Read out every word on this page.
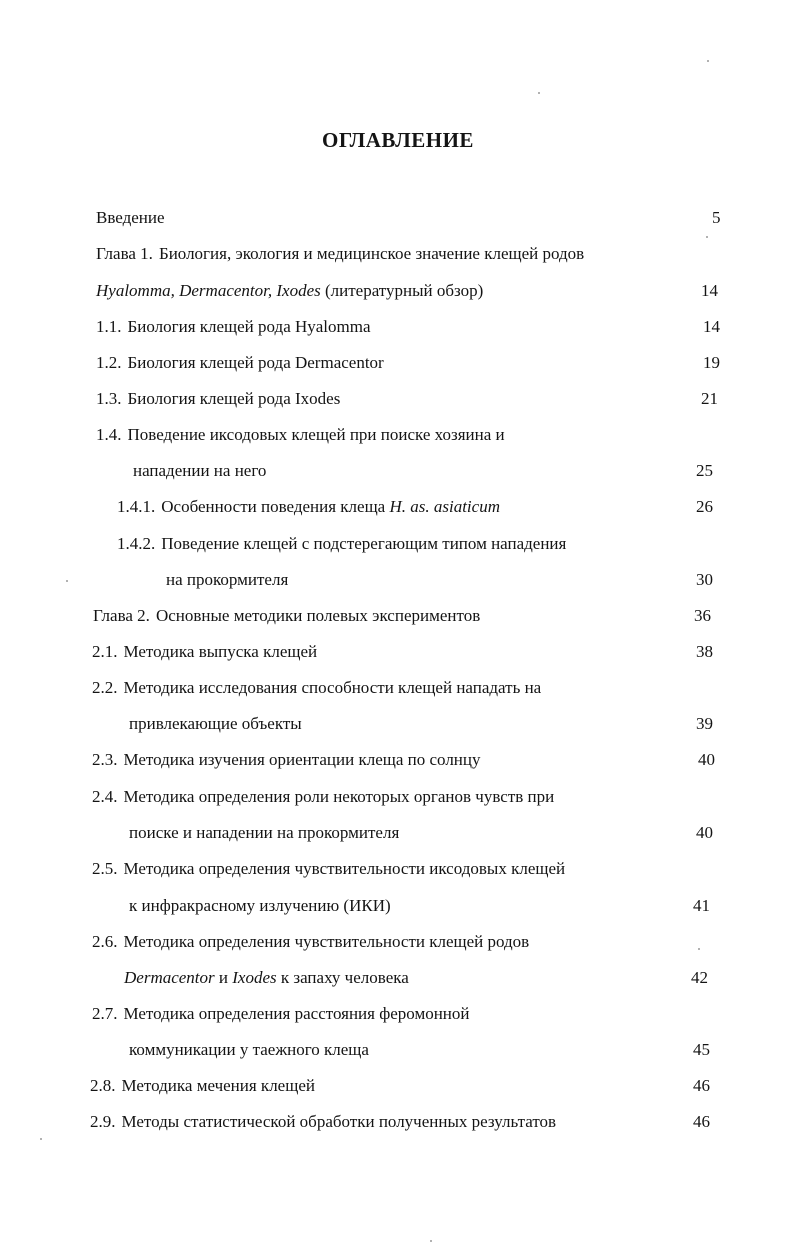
ОГЛАВЛЕНИЕ
Введение	5
Глава 1. Биология, экология и медицинское значение клещей родов
Hyalomma, Dermacentor, Ixodes (литературный обзор)	14
1.1. Биология клещей рода Hyalomma	14
1.2. Биология клещей рода Dermacentor	19
1.3. Биология клещей рода Ixodes	21
1.4. Поведение иксодовых клещей при поиске хозяина и
нападении на него	25
1.4.1. Особенности поведения клеща H. as. asiaticum	26
1.4.2. Поведение клещей с подстерегающим типом нападения
на прокормителя	30
Глава 2. Основные методики полевых экспериментов	36
2.1. Методика выпуска клещей	38
2.2. Методика исследования способности клещей нападать на
привлекающие объекты	39
2.3. Методика изучения ориентации клеща по солнцу	40
2.4. Методика определения роли некоторых органов чувств при
поиске и нападении на прокормителя	40
2.5. Методика определения чувствительности иксодовых клещей
к инфракрасному излучению (ИКИ)	41
2.6. Методика определения чувствительности клещей родов
Dermacentor и Ixodes к запаху человека	42
2.7. Методика определения расстояния феромонной
коммуникации у таежного клеща	45
2.8. Методика мечения клещей	46
2.9. Методы статистической обработки полученных результатов	46
